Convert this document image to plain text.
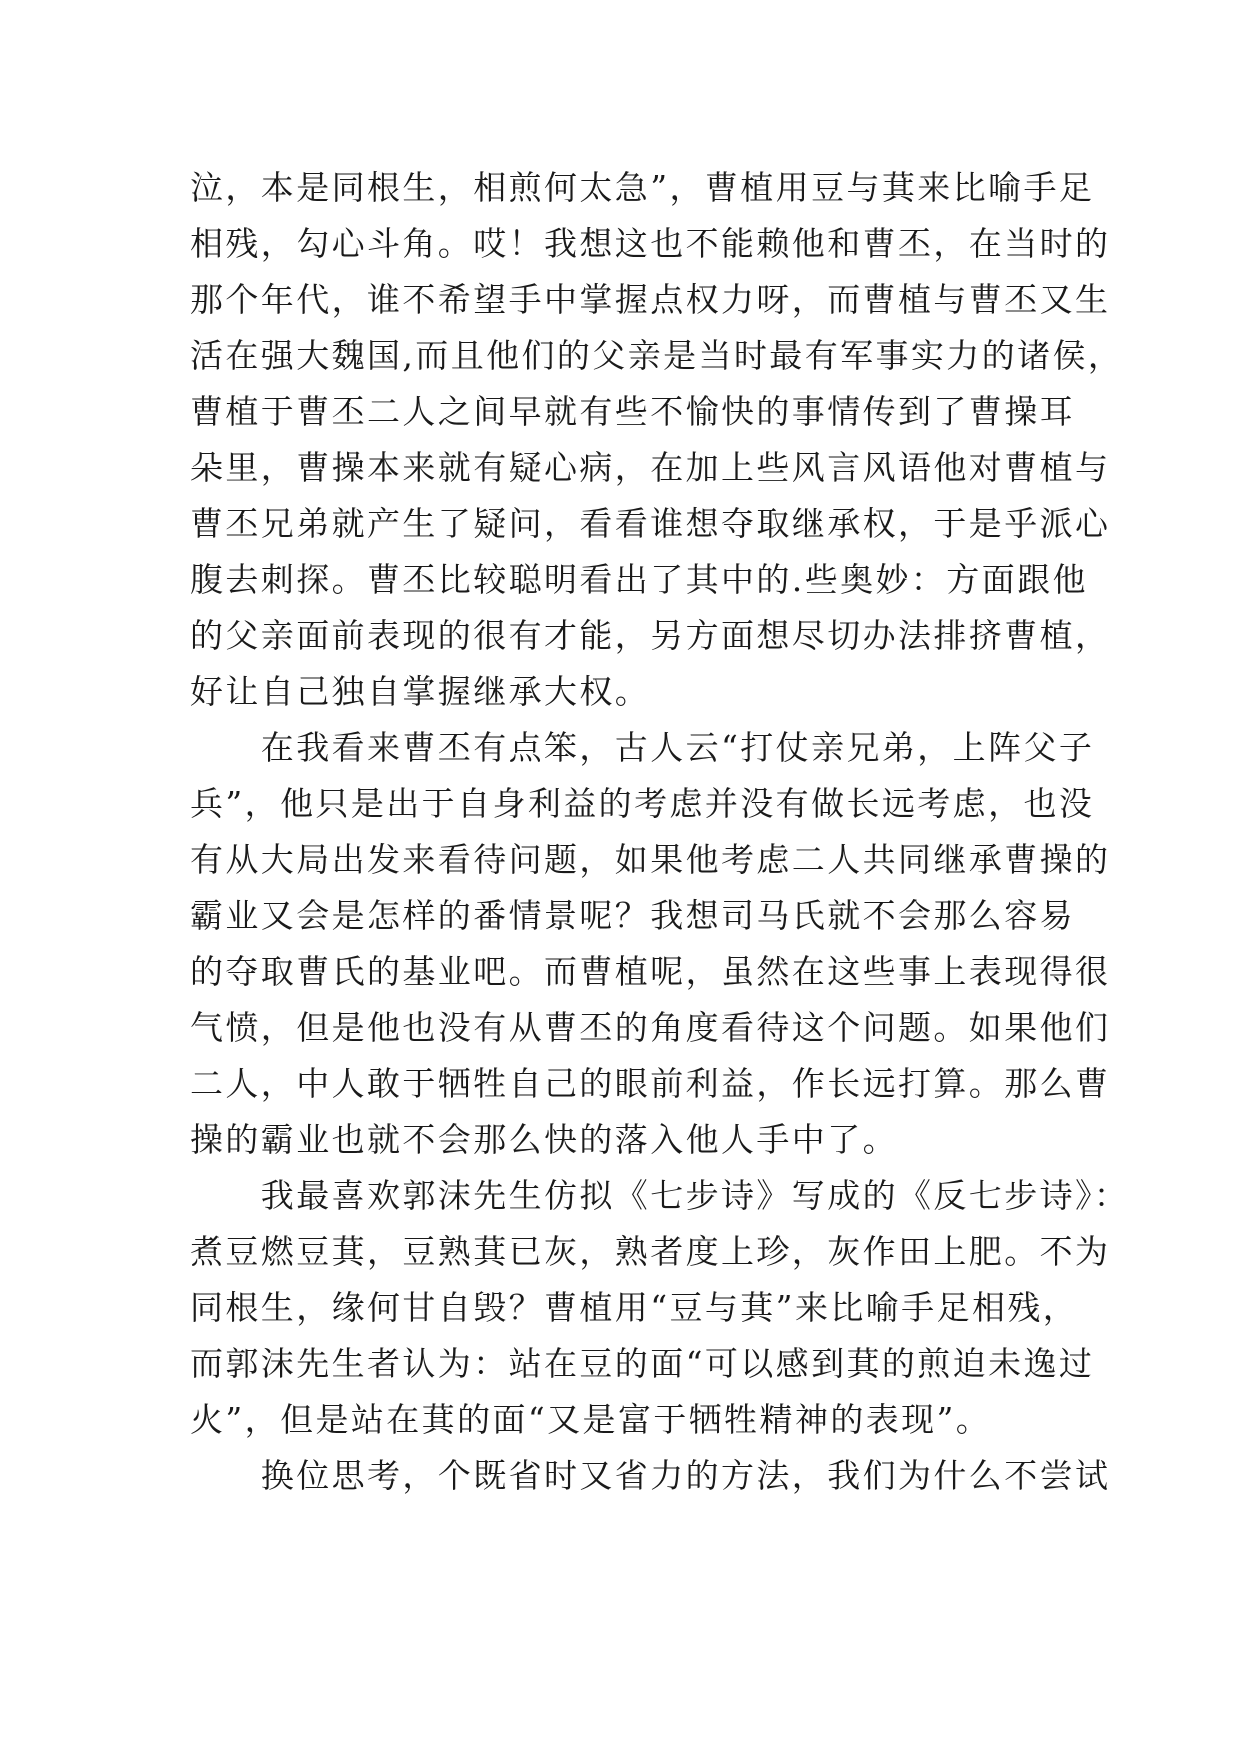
泣，本是同根生，相煎何太急”，曹植用豆与萁来比喻手足
相残，勾心斗角。哎！我想这也不能赖他和曹丕，在当时的
那个年代，谁不希望手中掌握点权力呀，而曹植与曹丕又生
活在强大魏国,而且他们的父亲是当时最有军事实力的诸侯，
曹植于曹丕二人之间早就有些不愉快的事情传到了曹操耳
朵里，曹操本来就有疑心病，在加上些风言风语他对曹植与
曹丕兄弟就产生了疑问，看看谁想夺取继承权，于是乎派心
腹去刺探。曹丕比较聪明看出了其中的.些奥妙：方面跟他
的父亲面前表现的很有才能，另方面想尽切办法排挤曹植，
好让自己独自掌握继承大权。
　　在我看来曹丕有点笨，古人云“打仗亲兄弟，上阵父子
兵”，他只是出于自身利益的考虑并没有做长远考虑，也没
有从大局出发来看待问题，如果他考虑二人共同继承曹操的
霸业又会是怎样的番情景呢？我想司马氏就不会那么容易
的夺取曹氏的基业吧。而曹植呢，虽然在这些事上表现得很
气愤，但是他也没有从曹丕的角度看待这个问题。如果他们
二人，中人敢于牺牲自己的眼前利益，作长远打算。那么曹
操的霸业也就不会那么快的落入他人手中了。
　　我最喜欢郭沫先生仿拟《七步诗》写成的《反七步诗》：
煮豆燃豆萁，豆熟萁已灰，熟者度上珍，灰作田上肥。不为
同根生，缘何甘自毁？曹植用“豆与萁”来比喻手足相残，
而郭沫先生者认为：站在豆的面“可以感到萁的煎迫未逸过
火”，但是站在萁的面“又是富于牺牲精神的表现”。
　　换位思考，个既省时又省力的方法，我们为什么不尝试
